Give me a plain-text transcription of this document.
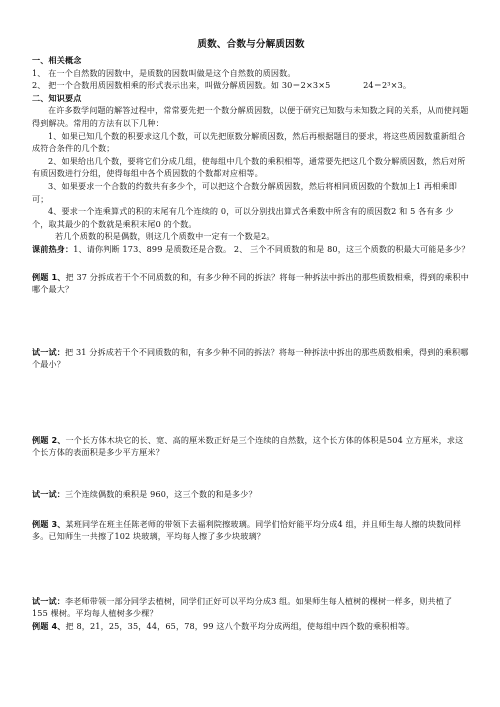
质数、合数与分解质因数
一、相关概念

1、 在一个自然数的因数中，是质数的因数叫做是这个自然数的质因数。

2、 把一个合数用质因数相乘的形式表示出来，叫做分解质因数。如 30＝2×3×5	24＝2³×3。

二、知识要点

在许多数学问题的解答过程中，常常要先把一个数分解质因数，以便于研究已知数与未知数之间的关系，从而使问题得到解决。常用的方法有以下几种：

1、如果已知几个数的积要求这几个数，可以先把原数分解质因数，然后再根据题目的要求，将这些质因数重新组合成符合条件的几个数；

2、如果给出几个数，要将它们分成几组，使每组中几个数的乘积相等，通常要先把这几个数分解质因数，然后对所有质因数进行分组，使得每组中各个质因数的个数都对应相等。

3、如果要求一个合数的约数共有多少个，可以把这个合数分解质因数，然后将相同质因数的个数加上1 再相乘即可；

4、要求一个连乘算式的积的末尾有几个连续的 0，可以分别找出算式各乘数中所含有的质因数2 和 5 各有多 少个，取其最少的个数就是乘积末尾0 的个数。

若几个质数的积是偶数，则这几个质数中一定有一个数是2。

课前热身：1、请你判断 173、899 是质数还是合数。 2、 三个不同质数的和是 80，这三个质数的积最大可能是多少？

例题 1、把 37 分拆成若干个不同质数的和，有多少种不同的拆法？将每一种拆法中拆出的那些质数相乘，得到的乘积中哪个最大？

试一试：把 31 分拆成若干个不同质数的和，有多少种不同的拆法？将每一种拆法中拆出的那些质数相乘，得到的乘积哪个最小？

例题 2、一个长方体木块它的长、宽、高的厘米数正好是三个连续的自然数，这个长方体的体积是504 立方厘米，求这个长方体的表面积是多少平方厘米？

试一试：三个连续偶数的乘积是 960，这三个数的和是多少？

例题 3、某班同学在班主任陈老师的带领下去福利院擦玻璃。同学们恰好能平均分成4 组，并且师生每人擦的块数同样多。已知师生一共擦了102 块玻璃，平均每人擦了多少块玻璃？

试一试：李老师带领一部分同学去植树，同学们正好可以平均分成3 组。如果师生每人植树的棵树一样多，则共植了 155 棵树。平均每人植树多少棵？

例题 4、把 8，21，25，35，44，65，78，99 这八个数平均分成两组，使每组中四个数的乘积相等。
